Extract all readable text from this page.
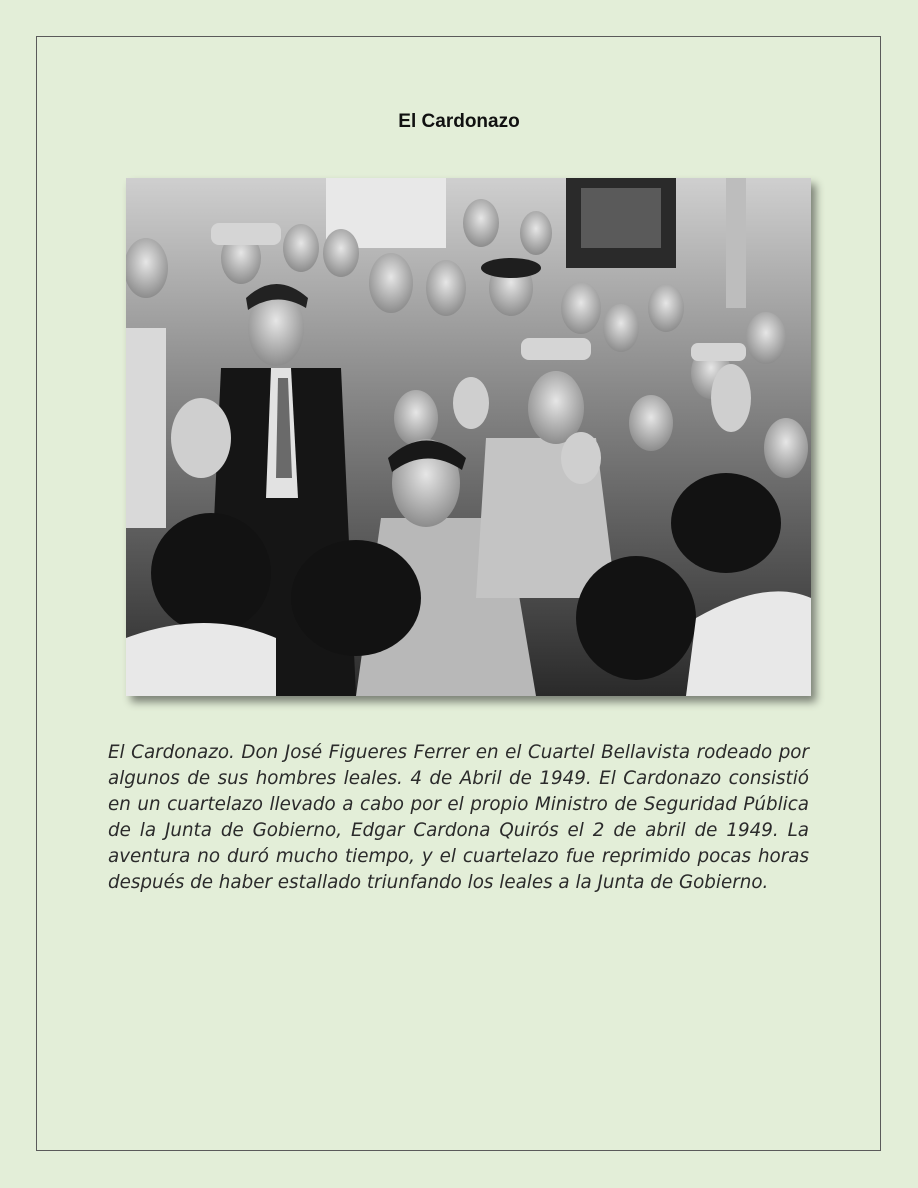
El Cardonazo

El Cardonazo. Don José Figueres Ferrer en el Cuartel Bellavista rodeado por algunos de sus hombres leales. 4 de Abril de 1949. El Cardonazo consistió en un cuartelazo llevado a cabo por el propio Ministro de Seguridad Pública de la Junta de Gobierno, Edgar Cardona Quirós el 2 de abril de 1949. La aventura no duró mucho tiempo, y el cuartelazo fue reprimido pocas horas después de haber estallado triunfando los leales a la Junta de Gobierno.
